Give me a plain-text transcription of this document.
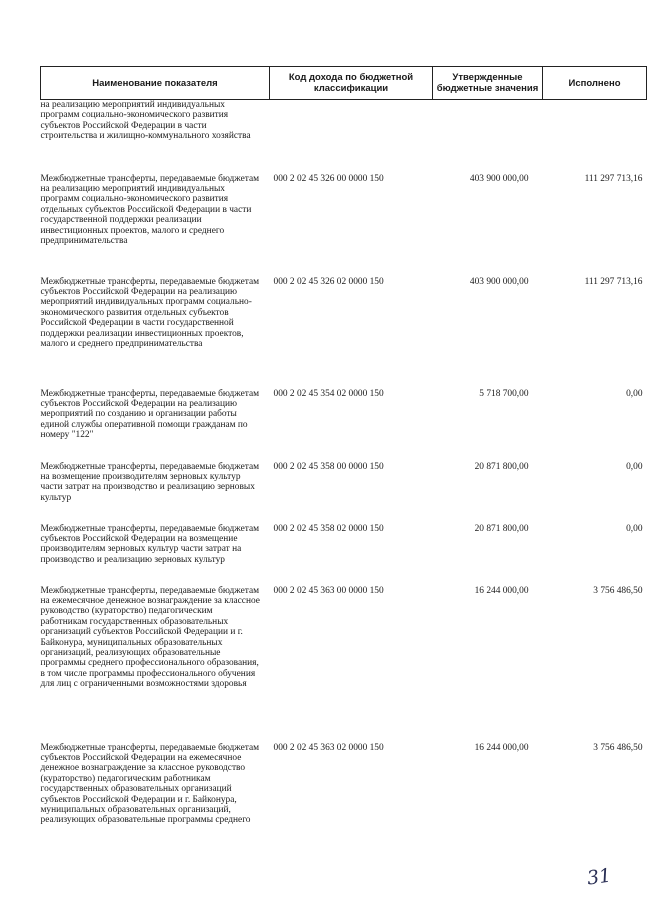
Наименование показателя	Код дохода по бюджетной классификации	Утвержденные бюджетные значения	Исполнено
на реализацию мероприятий индивидуальных программ социально-экономического развития субъектов Российской Федерации в части строительства и жилищно-коммунального хозяйства			
Межбюджетные трансферты, передаваемые бюджетам на реализацию мероприятий индивидуальных программ социально-экономического развития отдельных субъектов Российской Федерации в части государственной поддержки реализации инвестиционных проектов, малого и среднего предпринимательства	000 2 02 45 326 00 0000 150	403 900 000,00	111 297 713,16
Межбюджетные трансферты, передаваемые бюджетам субъектов Российской Федерации на реализацию мероприятий индивидуальных программ социально-экономического развития отдельных субъектов Российской Федерации в части государственной поддержки реализации инвестиционных проектов, малого и среднего предпринимательства	000 2 02 45 326 02 0000 150	403 900 000,00	111 297 713,16
Межбюджетные трансферты, передаваемые бюджетам субъектов Российской Федерации на реализацию мероприятий по созданию и организации работы единой службы оперативной помощи гражданам по номеру "122"	000 2 02 45 354 02 0000 150	5 718 700,00	0,00
Межбюджетные трансферты, передаваемые бюджетам на возмещение производителям зерновых культур части затрат на производство и реализацию зерновых культур	000 2 02 45 358 00 0000 150	20 871 800,00	0,00
Межбюджетные трансферты, передаваемые бюджетам субъектов Российской Федерации на возмещение производителям зерновых культур части затрат на производство и реализацию зерновых культур	000 2 02 45 358 02 0000 150	20 871 800,00	0,00
Межбюджетные трансферты, передаваемые бюджетам на ежемесячное денежное вознаграждение за классное руководство (кураторство) педагогическим работникам государственных образовательных организаций субъектов Российской Федерации и г. Байконура, муниципальных образовательных организаций, реализующих образовательные программы среднего профессионального образования, в том числе программы профессионального обучения для лиц с ограниченными возможностями здоровья	000 2 02 45 363 00 0000 150	16 244 000,00	3 756 486,50
Межбюджетные трансферты, передаваемые бюджетам субъектов Российской Федерации на ежемесячное денежное вознаграждение за классное руководство (кураторство) педагогическим работникам государственных образовательных организаций субъектов Российской Федерации и г. Байконура, муниципальных образовательных организаций, реализующих образовательные программы среднего	000 2 02 45 363 02 0000 150	16 244 000,00	3 756 486,50
31
